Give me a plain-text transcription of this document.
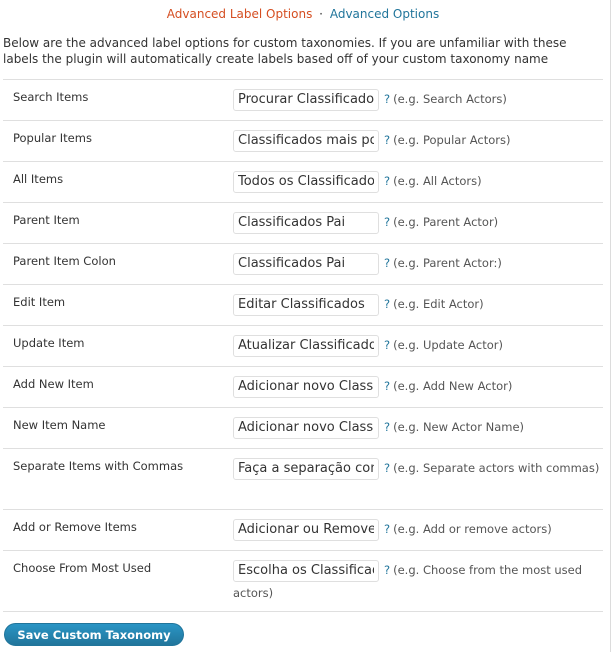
Advanced Label Options · Advanced Options
Below are the advanced label options for custom taxonomies. If you are unfamiliar with these labels the plugin will automatically create labels based off of your custom taxonomy name
Search Items
Procurar Classificados	? (e.g. Search Actors)
Popular Items
Classificados mais populares	? (e.g. Popular Actors)
All Items
Todos os Classificados	? (e.g. All Actors)
Parent Item
Classificados Pai	? (e.g. Parent Actor)
Parent Item Colon
Classificados Pai	? (e.g. Parent Actor:)
Edit Item
Editar Classificados	? (e.g. Edit Actor)
Update Item
Atualizar Classificados	? (e.g. Update Actor)
Add New Item
Adicionar novo Classificado	? (e.g. Add New Actor)
New Item Name
Adicionar novo Classificado	? (e.g. New Actor Name)
Separate Items with Commas
Faça a separação com vírgulas	? (e.g. Separate actors with commas)
Add or Remove Items
Adicionar ou Remover	? (e.g. Add or remove actors)
Choose From Most Used
Escolha os Classificados mais usados	? (e.g. Choose from the most used actors)
Save Custom Taxonomy
